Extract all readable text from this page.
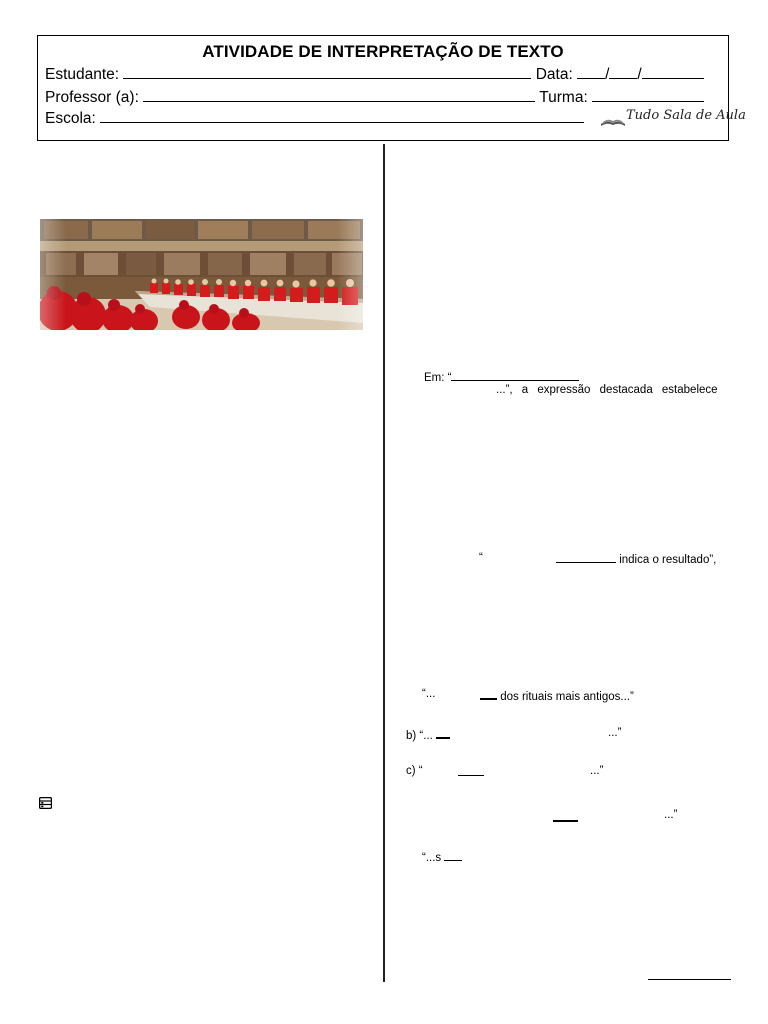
ATIVIDADE DE INTERPRETAÇÃO DE TEXTO
Estudante:	Data: / /
Professor (a):	Turma:
Escola:	Tudo Sala de Aula
Em: “
...”, a expressão destacada estabelece
“	indica o resultado”,
“...	dos rituais mais antigos...”
b) “...	...”
c) “	...”
...”
“...s
